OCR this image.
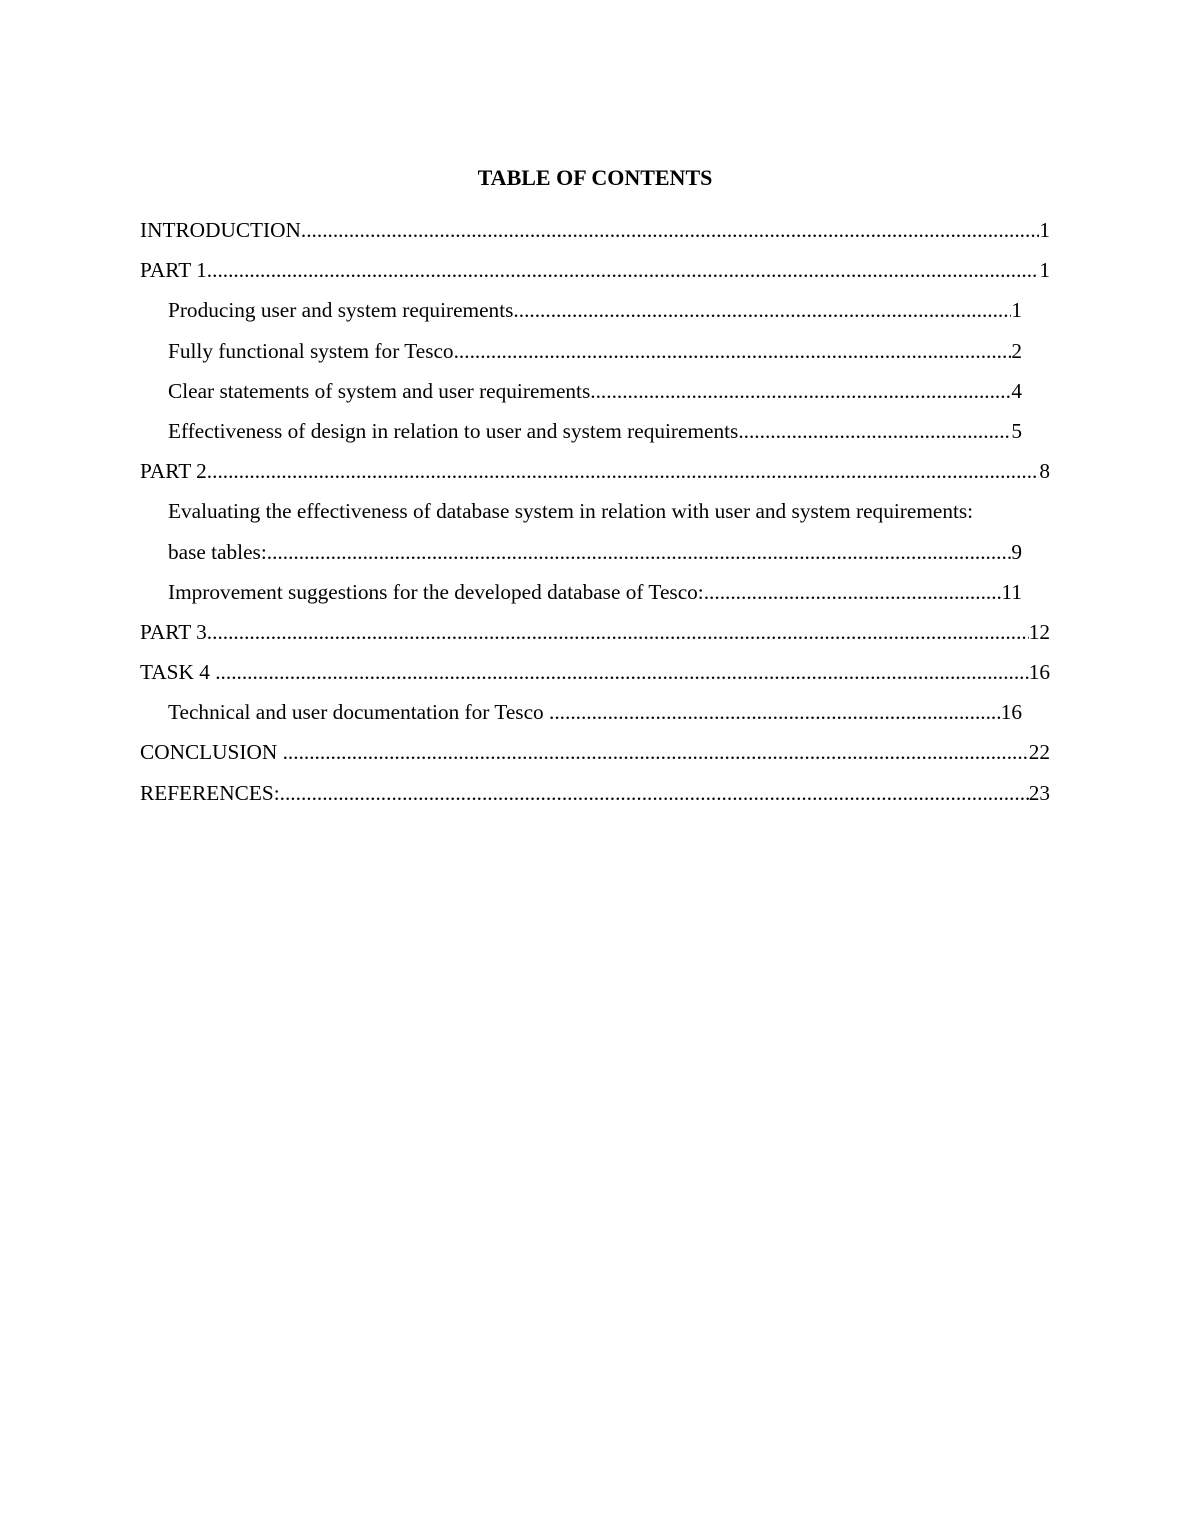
TABLE OF CONTENTS
INTRODUCTION .....	1
PART 1 .....	1
Producing user and system requirements .....	1
Fully functional system for Tesco .....	2
Clear statements of system and user requirements .....	4
Effectiveness of design in relation to user and system requirements .....	5
PART 2 .....	8
Evaluating the effectiveness of database system in relation with user and system requirements:
base tables: .....	9
Improvement suggestions for the developed database of Tesco: .....	11
PART 3 .....	12
TASK 4 .....	16
Technical and user documentation for Tesco .....	16
CONCLUSION .....	22
REFERENCES: .....	23
